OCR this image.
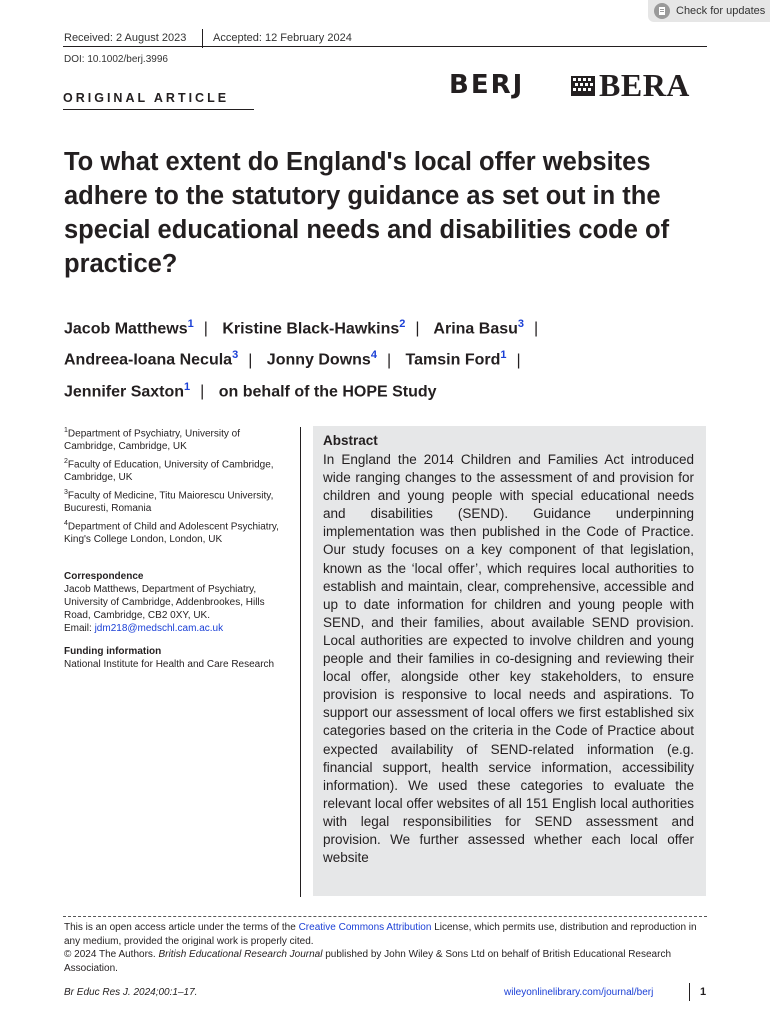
Check for updates
Received: 2 August 2023 Accepted: 12 February 2024
DOI: 10.1002/berj.3996
ORIGINAL ARTICLE	BERJ BERA
To what extent do England's local offer websites adhere to the statutory guidance as set out in the special educational needs and disabilities code of practice?
Jacob Matthews$^1$ | Kristine Black-Hawkins$^2$ | Arina Basu$^3$ |
Andreea-Ioana Necula$^3$ | Jonny Downs$^4$ | Tamsin Ford$^1$ |
Jennifer Saxton$^1$ | on behalf of the HOPE Study
$^1$Department of Psychiatry, University of Cambridge, Cambridge, UK
$^2$Faculty of Education, University of Cambridge, Cambridge, UK
$^3$Faculty of Medicine, Titu Maiorescu University, Bucuresti, Romania
$^4$Department of Child and Adolescent Psychiatry, King's College London, London, UK
Correspondence
Jacob Matthews, Department of Psychiatry, University of Cambridge, Addenbrookes, Hills Road, Cambridge, CB2 0XY, UK.
Email: jdm218@medschl.cam.ac.uk
Funding information
National Institute for Health and Care Research
Abstract
In England the 2014 Children and Families Act introduced wide ranging changes to the assessment of and provision for children and young people with special educational needs and disabilities (SEND). Guidance underpinning implementation was then published in the Code of Practice. Our study focuses on a key component of that legislation, known as the ‘local offer’, which requires local authorities to establish and maintain, clear, comprehensive, accessible and up to date information for children and young people with SEND, and their families, about available SEND provision. Local authorities are expected to involve children and young people and their families in co-designing and reviewing their local offer, alongside other key stakeholders, to ensure provision is responsive to local needs and aspirations. To support our assessment of local offers we first established six categories based on the criteria in the Code of Practice about expected availability of SEND-related information (e.g. financial support, health service information, accessibility information). We used these categories to evaluate the relevant local offer websites of all 151 English local authorities with legal responsibilities for SEND assessment and provision. We further assessed whether each local offer website
This is an open access article under the terms of the Creative Commons Attribution License, which permits use, distribution and reproduction in any medium, provided the original work is properly cited.
© 2024 The Authors. British Educational Research Journal published by John Wiley & Sons Ltd on behalf of British Educational Research Association.
Br Educ Res J. 2024;00:1–17.	wileyonlinelibrary.com/journal/berj	1
